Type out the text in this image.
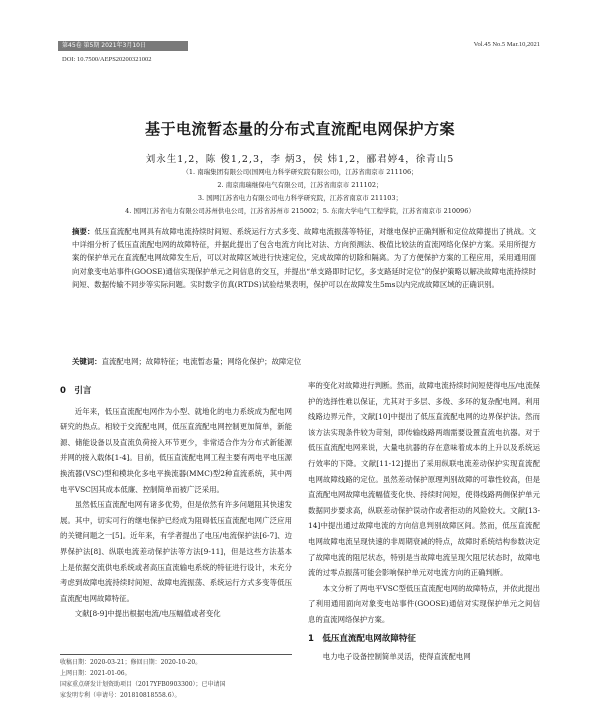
第45卷 第5期 2021年3月10日	Vol.45 No.5 Mar.10,2021
DOI: 10.7500/AEPS20200321002
基于电流暂态量的分布式直流配电网保护方案
刘永生1,2，陈 俊1,2,3，李 炳3，侯 炜1,2，郦君婷4，徐青山5
（1. 南瑞集团有限公司(国网电力科学研究院有限公司)，江苏省南京市 211106；
2. 南京南瑞继保电气有限公司，江苏省南京市 211102；
3. 国网江苏省电力有限公司电力科学研究院，江苏省南京市 211103；
4. 国网江苏省电力有限公司苏州供电公司，江苏省苏州市 215002；5. 东南大学电气工程学院，江苏省南京市 210096）
摘要：低压直流配电网具有故障电流持续时间短、系统运行方式多变、故障电流振荡等特征，对继电保护正确判断和定位故障提出了挑战。文中详细分析了低压直流配电网的故障特征，并据此提出了包含电流方向比对法、方向预测法、极值比较法的直流网络化保护方案。采用所提方案的保护单元在直流配电网故障发生后，可以对故障区域进行快速定位，完成故障的切除和隔离。为了方便保护方案的工程应用，采用通用面向对象变电站事件(GOOSE)通信实现保护单元之间信息的交互，并提出“单支路即时记忆，多支路延时定位”的保护策略以解决故障电流持续时间短、数据传输不同步等实际问题。实时数字仿真(RTDS)试验结果表明，保护可以在故障发生5ms以内完成故障区域的正确识别。
关键词：直流配电网；故障特征；电流暂态量；网络化保护；故障定位
0　引言

近年来，低压直流配电网作为小型、就地化的电力系统成为配电网研究的热点。相较于交流配电网，低压直流配电网控制更加简单，新能源、储能设备以及直流负荷接入环节更少，非常适合作为分布式新能源并网的接入载体[1-4]。目前，低压直流配电网工程主要有两电平电压源换流器(VSC)型和模块化多电平换流器(MMC)型2种直流系统，其中两电平VSC因其成本低廉、控制简单而被广泛采用。

虽然低压直流配电网有诸多优势，但是依然有许多问题阻其快速发展。其中，切实可行的继电保护已经成为阻碍低压直流配电网广泛应用的关键问题之一[5]。近年来，有学者提出了电压/电流保护法[6-7]、边界保护法[8]、纵联电流差动保护法等方法[9-11]，但是这些方法基本上是依据交流供电系统或者高压直流输电系统的特征进行设计，未充分考虑到故障电流持续时间短、故障电流振荡、系统运行方式多变等低压直流配电网故障特征。

文献[8-9]中提出根据电流/电压幅值或者变化

率的变化对故障进行判断。然而，故障电流持续时间短使得电压/电流保护的选择性难以保证，尤其对于多层、多级、多环的复杂配电网。利用线路边界元件，文献[10]中提出了低压直流配电网的边界保护法。然而该方法实现条件较为苛刻，即传输线路两端需要设置直流电抗器。对于低压直流配电网来说，大量电抗器的存在意味着成本的上升以及系统运行效率的下降。文献[11-12]提出了采用纵联电流差动保护实现直流配电网故障线路的定位。虽然差动保护原理判别故障的可靠性较高，但是直流配电网故障电流幅值变化快、持续时间短，使得线路两侧保护单元数据同步要求高，纵联差动保护误动作或者拒动的风险较大。文献[13-14]中提出通过故障电流的方向信息判别故障区间。然而，低压直流配电网故障电流呈现快速的非周期衰减的特点，故障时系统结构参数决定了故障电流的阻尼状态，特别是当故障电流呈现欠阻尼状态时，故障电流的过零点振荡可能会影响保护单元对电流方向的正确判断。

本文分析了两电平VSC型低压直流配电网的故障特点，并依此提出了利用通用面向对象变电站事件(GOOSE)通信对实现保护单元之间信息的直流网络保护方案。

1　低压直流配电网故障特征

电力电子设备控制简单灵活，使得直流配电网

收稿日期：2020-03-21；修回日期：2020-10-20。
上网日期：2021-01-06。
国家重点研发计划资助项目（2017YFB0903300）；已申请国
家发明专利（申请号：201810818558.6）。
